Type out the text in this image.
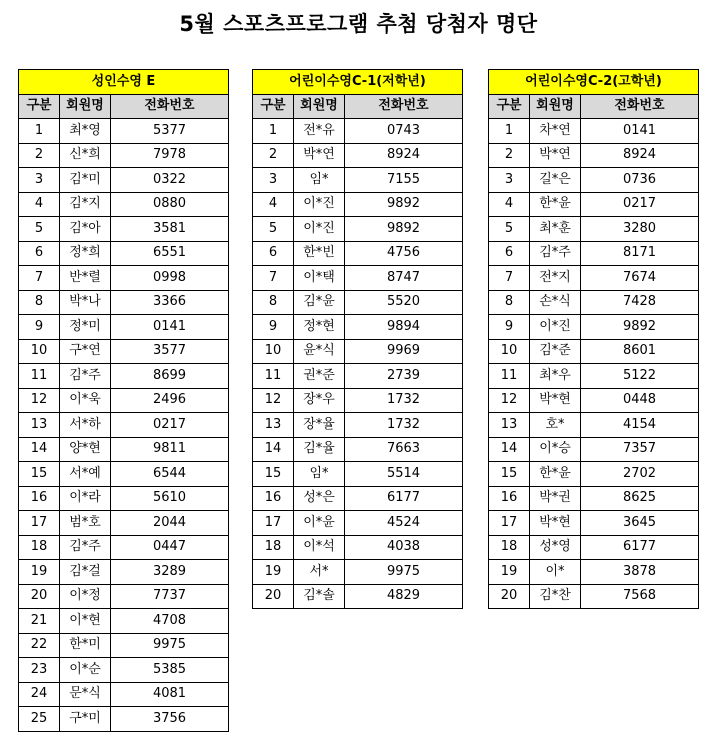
5월 스포츠프로그램 추첨 당첨자 명단
성인수영 E		
구분	회원명	전화번호
1	최*영	5377
2	신*희	7978
3	김*미	0322
4	김*지	0880
5	김*아	3581
6	정*희	6551
7	반*렬	0998
8	박*나	3366
9	정*미	0141
10	구*연	3577
11	김*주	8699
12	이*욱	2496
13	서*하	0217
14	양*현	9811
15	서*예	6544
16	이*라	5610
17	범*호	2044
18	김*주	0447
19	김*걸	3289
20	이*정	7737
21	이*현	4708
22	한*미	9975
23	이*순	5385
24	문*식	4081
25	구*미	3756
어린이수영C-1(저학년)		
구분	회원명	전화번호
1	전*유	0743
2	박*연	8924
3	임*	7155
4	이*진	9892
5	이*진	9892
6	한*빈	4756
7	이*택	8747
8	김*윤	5520
9	정*현	9894
10	윤*식	9969
11	권*준	2739
12	장*우	1732
13	장*율	1732
14	김*율	7663
15	임*	5514
16	성*은	6177
17	이*윤	4524
18	이*석	4038
19	서*	9975
20	김*솔	4829
어린이수영C-2(고학년)		
구분	회원명	전화번호
1	차*연	0141
2	박*연	8924
3	길*은	0736
4	한*윤	0217
5	최*훈	3280
6	김*주	8171
7	전*지	7674
8	손*식	7428
9	이*진	9892
10	김*준	8601
11	최*우	5122
12	박*현	0448
13	호*	4154
14	이*승	7357
15	한*윤	2702
16	박*권	8625
17	박*현	3645
18	성*영	6177
19	이*	3878
20	김*찬	7568
